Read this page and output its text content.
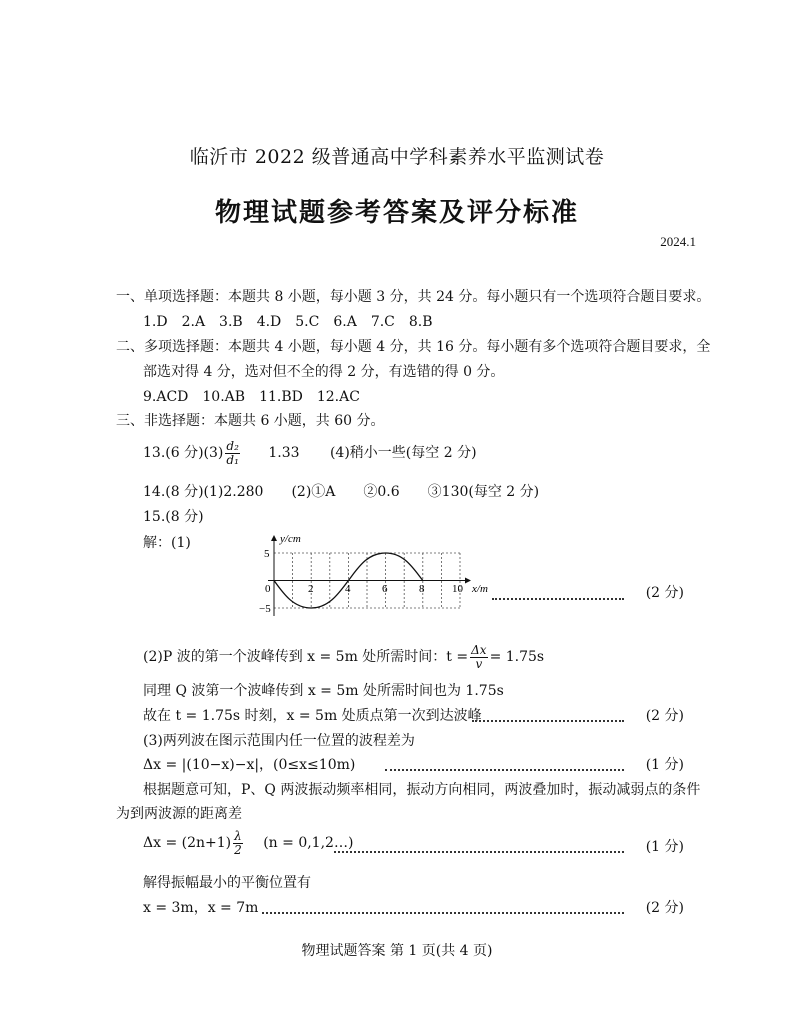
临沂市 2022 级普通高中学科素养水平监测试卷
物理试题参考答案及评分标准
2024.1
一、单项选择题：本题共 8 小题，每小题 3 分，共 24 分。每小题只有一个选项符合题目要求。
1.D　2.A　3.B　4.D　5.C　6.A　7.C　8.B
二、多项选择题：本题共 4 小题，每小题 4 分，共 16 分。每小题有多个选项符合题目要求，全
部选对得 4 分，选对但不全的得 2 分，有选错的得 0 分。
9.ACD　10.AB　11.BD　12.AC
三、非选择题：本题共 6 小题，共 60 分。
13.(6 分)$(3) \frac{\text{d₂}}{\text{d₁}} 1.33$ (4)稍小一些(每空 2 分)
14.(8 分)(1)2.280　　(2)①A　　②0.6　　③130(每空 2 分)
15.(8 分)
解：(1)	y/cm
x/m
5
0
−5
2	4	6	8	10	(2 分)
(2)P 波的第一个波峰传到 x = 5m 处所需时间：$t = \frac{\Delta x}{v} = 1.75s$
同理 Q 波第一个波峰传到 x = 5m 处所需时间也为 1.75s
故在 t = 1.75s 时刻，x = 5m 处质点第一次到达波峰	(2 分)
(3)两列波在图示范围内任一位置的波程差为
Δx = |(10−x)−x|，(0≤x≤10m)	(1 分)
根据题意可知，P、Q 两波振动频率相同，振动方向相同，两波叠加时，振动减弱点的条件
为到两波源的距离差
$\Delta x = (2n+1) \frac{\lambda}{2} (n$ = 0,1,2…)	(1 分)
解得振幅最小的平衡位置有
x = 3m，x = 7m	(2 分)
物理试题答案 第 1 页(共 4 页)
